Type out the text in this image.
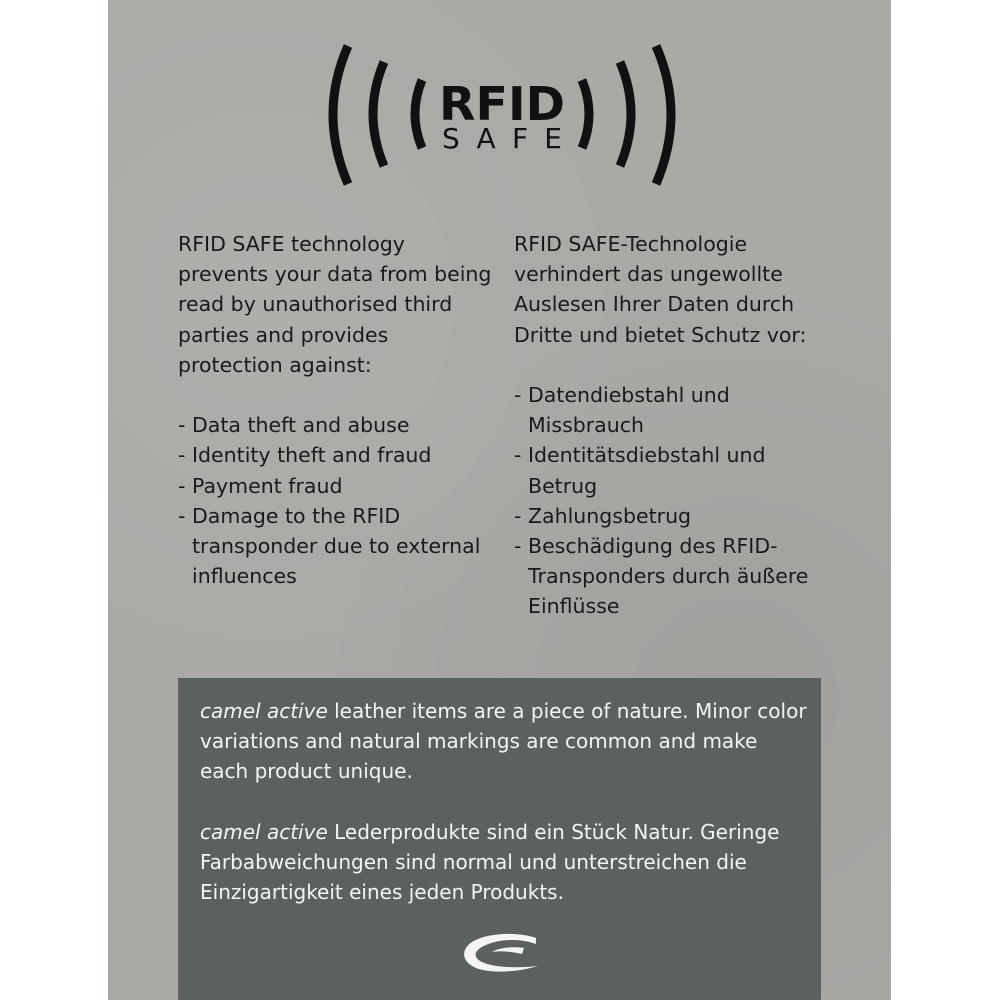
RFID
SAFE

RFID SAFE technology prevents your data from being read by unauthorised third parties and provides protection against:

- Data theft and abuse
- Identity theft and fraud
- Payment fraud
- Damage to the RFID transponder due to external influences

RFID SAFE-Technologie verhindert das ungewollte Auslesen Ihrer Daten durch Dritte und bietet Schutz vor:

- Datendiebstahl und Missbrauch
- Identitätsdiebstahl und Betrug
- Zahlungsbetrug
- Beschädigung des RFID-Transponders durch äußere Einflüsse

camel active leather items are a piece of nature. Minor color variations and natural markings are common and make each product unique.

camel active Lederprodukte sind ein Stück Natur. Geringe Farbabweichungen sind normal und unterstreichen die Einzigartigkeit eines jeden Produkts.
